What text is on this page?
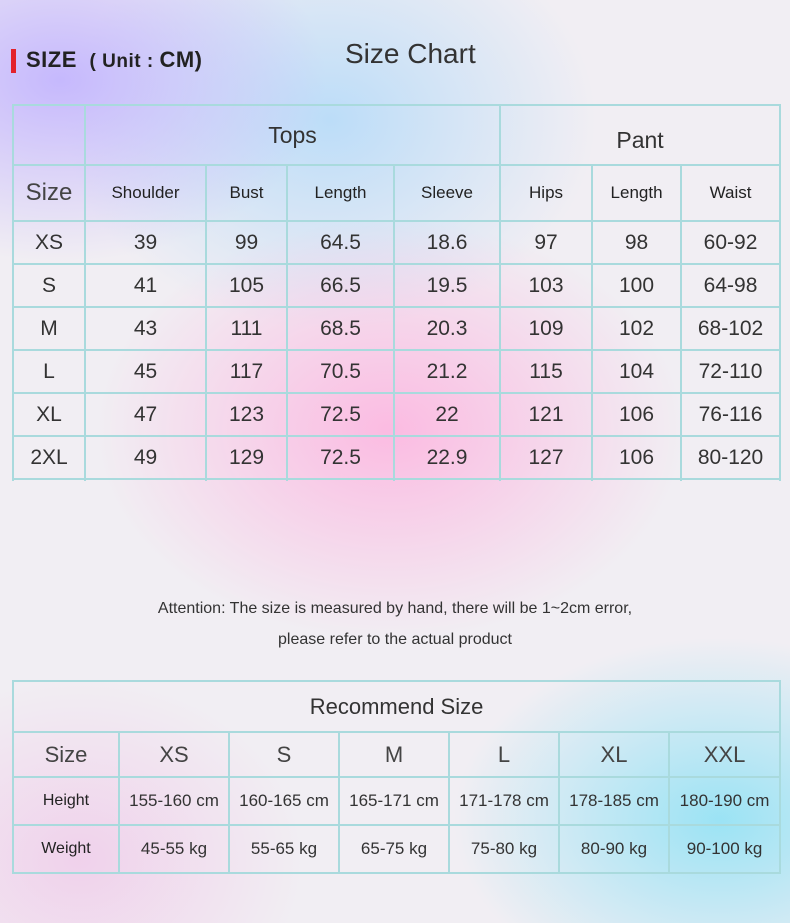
SIZE ( Unit : CM)	Size Chart
	Tops				Pant		
Size	Shoulder	Bust	Length	Sleeve	Hips	Length	Waist
XS	39	99	64.5	18.6	97	98	60-92
S	41	105	66.5	19.5	103	100	64-98
M	43	111	68.5	20.3	109	102	68-102
L	45	117	70.5	21.2	115	104	72-110
XL	47	123	72.5	22	121	106	76-116
2XL	49	129	72.5	22.9	127	106	80-120

Attention: The size is measured by hand, there will be 1~2cm error,
please refer to the actual product
Recommend Size						
Size	XS	S	M	L	XL	XXL
Height	155-160 cm	160-165 cm	165-171 cm	171-178 cm	178-185 cm	180-190 cm
Weight	45-55 kg	55-65 kg	65-75 kg	75-80 kg	80-90 kg	90-100 kg
